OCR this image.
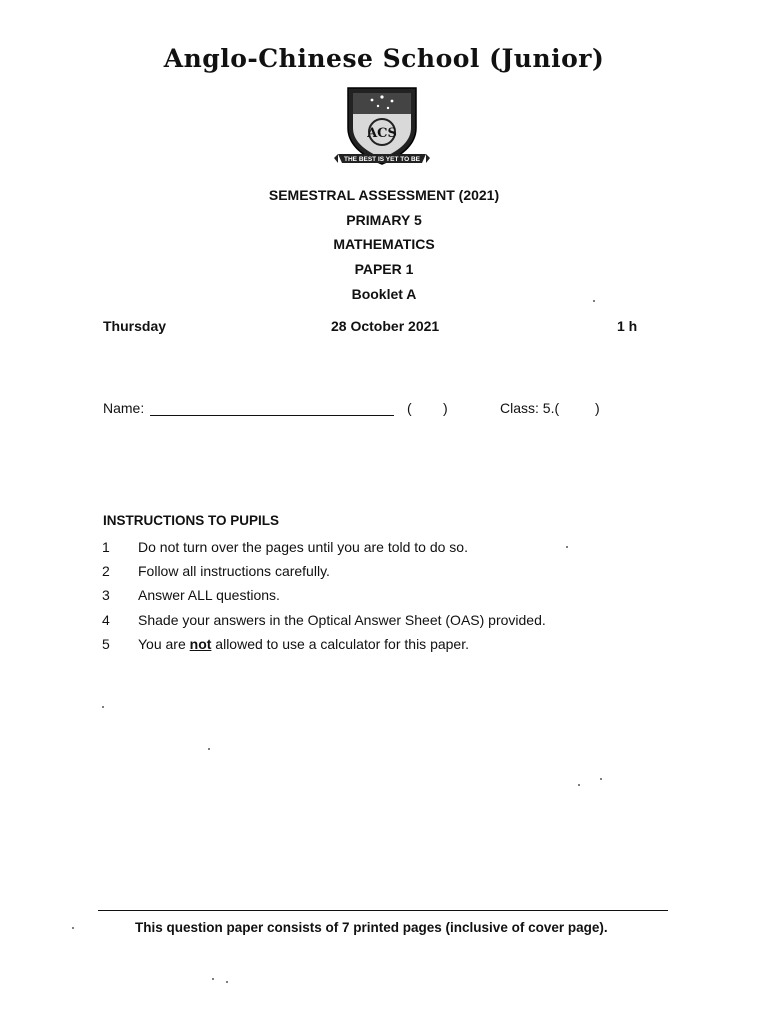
Anglo-Chinese School (Junior)
ACS
THE BEST IS YET TO BE
SEMESTRAL ASSESSMENT (2021)
PRIMARY 5
MATHEMATICS
PAPER 1
Booklet A
Thursday	28 October 2021	1 h
Name:	( )	Class: 5.(	)
INSTRUCTIONS TO PUPILS
1 Do not turn over the pages until you are told to do so.
2 Follow all instructions carefully.
3 Answer ALL questions.
4 Shade your answers in the Optical Answer Sheet (OAS) provided.
5 You are not allowed to use a calculator for this paper.
This question paper consists of 7 printed pages (inclusive of cover page).
